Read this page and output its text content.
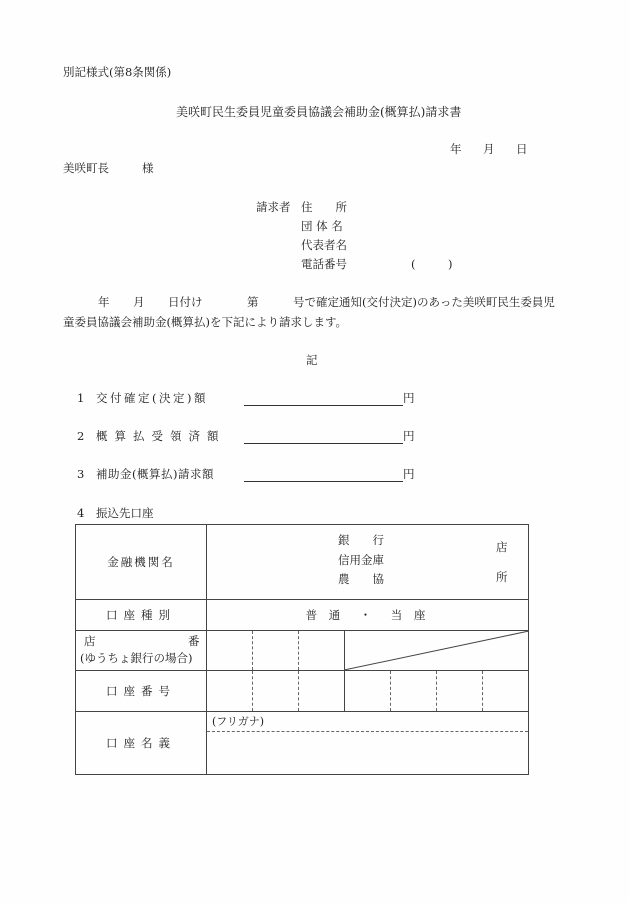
別記様式(第8条関係)
美咲町民生委員児童委員協議会補助金(概算払)請求書
年 月 日
美咲町長	様
請求者 住　　所
団 体 名
代表者名
電話番号	(	)
年 月 日付け	第	号で確定通知(交付決定)のあった美咲町民生委員児
童委員協議会補助金(概算払)を下記により請求します。
記
1 交付確定(決定)額	円
2 概算払受領済額	円
3 補助金(概算払)請求額	円
4 振込先口座
金融機関名	銀　　行
信用金庫
農　　協
店
所

口座種別	普 通　・　当 座

店 番
(ゆうちょ銀行の場合)

口座番号	

口座名義	(フリガナ)
